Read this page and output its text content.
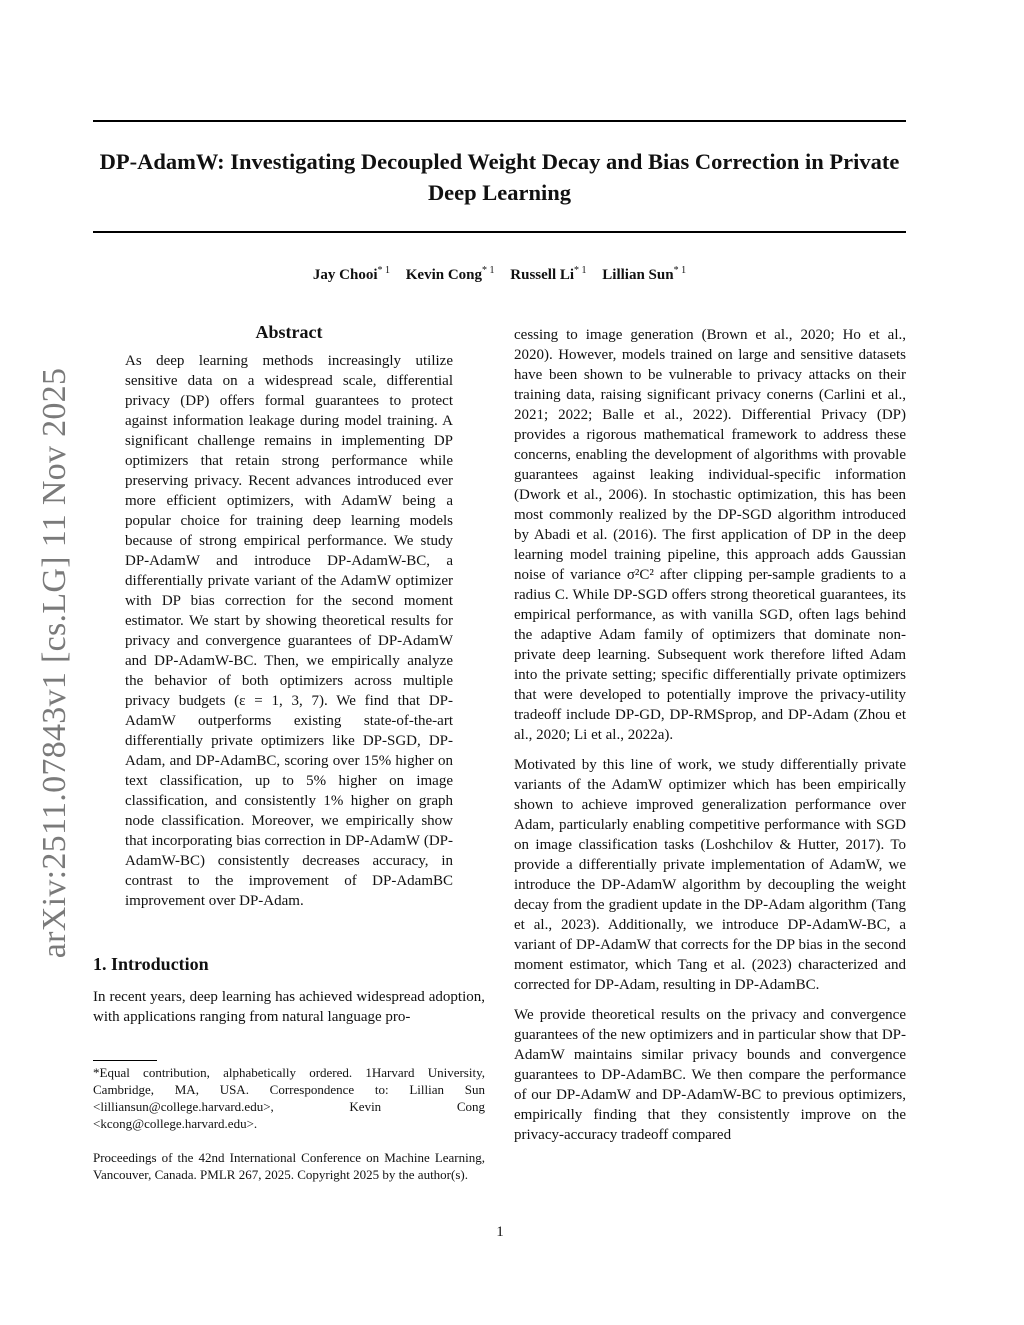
DP-AdamW: Investigating Decoupled Weight Decay and Bias Correction in Private Deep Learning
Jay Chooi$^{* 1}$ Kevin Cong$^{* 1}$ Russell Li$^{* 1}$ Lillian Sun$^{* 1}$
arXiv:2511.07843v1 [cs.LG] 11 Nov 2025
Abstract

As deep learning methods increasingly utilize sensitive data on a widespread scale, differential privacy (DP) offers formal guarantees to protect against information leakage during model training. A significant challenge remains in implementing DP optimizers that retain strong performance while preserving privacy. Recent advances introduced ever more efficient optimizers, with AdamW being a popular choice for training deep learning models because of strong empirical performance. We study DP-AdamW and introduce DP-AdamW-BC, a differentially private variant of the AdamW optimizer with DP bias correction for the second moment estimator. We start by showing theoretical results for privacy and convergence guarantees of DP-AdamW and DP-AdamW-BC. Then, we empirically analyze the behavior of both optimizers across multiple privacy budgets (ε = 1, 3, 7). We find that DP-AdamW outperforms existing state-of-the-art differentially private optimizers like DP-SGD, DP-Adam, and DP-AdamBC, scoring over 15% higher on text classification, up to 5% higher on image classification, and consistently 1% higher on graph node classification. Moreover, we empirically show that incorporating bias correction in DP-AdamW (DP-AdamW-BC) consistently decreases accuracy, in contrast to the improvement of DP-AdamBC improvement over DP-Adam.

1. Introduction

In recent years, deep learning has achieved widespread adoption, with applications ranging from natural language pro-

*Equal contribution, alphabetically ordered. 1Harvard University, Cambridge, MA, USA. Correspondence to: Lillian Sun <lilliansun@college.harvard.edu>, Kevin Cong <kcong@college.harvard.edu>.
Proceedings of the 42nd International Conference on Machine Learning, Vancouver, Canada. PMLR 267, 2025. Copyright 2025 by the author(s).

cessing to image generation (Brown et al., 2020; Ho et al., 2020). However, models trained on large and sensitive datasets have been shown to be vulnerable to privacy attacks on their training data, raising significant privacy conerns (Carlini et al., 2021; 2022; Balle et al., 2022). Differential Privacy (DP) provides a rigorous mathematical framework to address these concerns, enabling the development of algorithms with provable guarantees against leaking individual-specific information (Dwork et al., 2006). In stochastic optimization, this has been most commonly realized by the DP-SGD algorithm introduced by Abadi et al. (2016). The first application of DP in the deep learning model training pipeline, this approach adds Gaussian noise of variance σ²C² after clipping per-sample gradients to a radius C. While DP-SGD offers strong theoretical guarantees, its empirical performance, as with vanilla SGD, often lags behind the adaptive Adam family of optimizers that dominate non-private deep learning. Subsequent work therefore lifted Adam into the private setting; specific differentially private optimizers that were developed to potentially improve the privacy-utility tradeoff include DP-GD, DP-RMSprop, and DP-Adam (Zhou et al., 2020; Li et al., 2022a).

Motivated by this line of work, we study differentially private variants of the AdamW optimizer which has been empirically shown to achieve improved generalization performance over Adam, particularly enabling competitive performance with SGD on image classification tasks (Loshchilov & Hutter, 2017). To provide a differentially private implementation of AdamW, we introduce the DP-AdamW algorithm by decoupling the weight decay from the gradient update in the DP-Adam algorithm (Tang et al., 2023). Additionally, we introduce DP-AdamW-BC, a variant of DP-AdamW that corrects for the DP bias in the second moment estimator, which Tang et al. (2023) characterized and corrected for DP-Adam, resulting in DP-AdamBC.

We provide theoretical results on the privacy and convergence guarantees of the new optimizers and in particular show that DP-AdamW maintains similar privacy bounds and convergence guarantees to DP-AdamBC. We then compare the performance of our DP-AdamW and DP-AdamW-BC to previous optimizers, empirically finding that they consistently improve on the privacy-accuracy tradeoff compared

1
